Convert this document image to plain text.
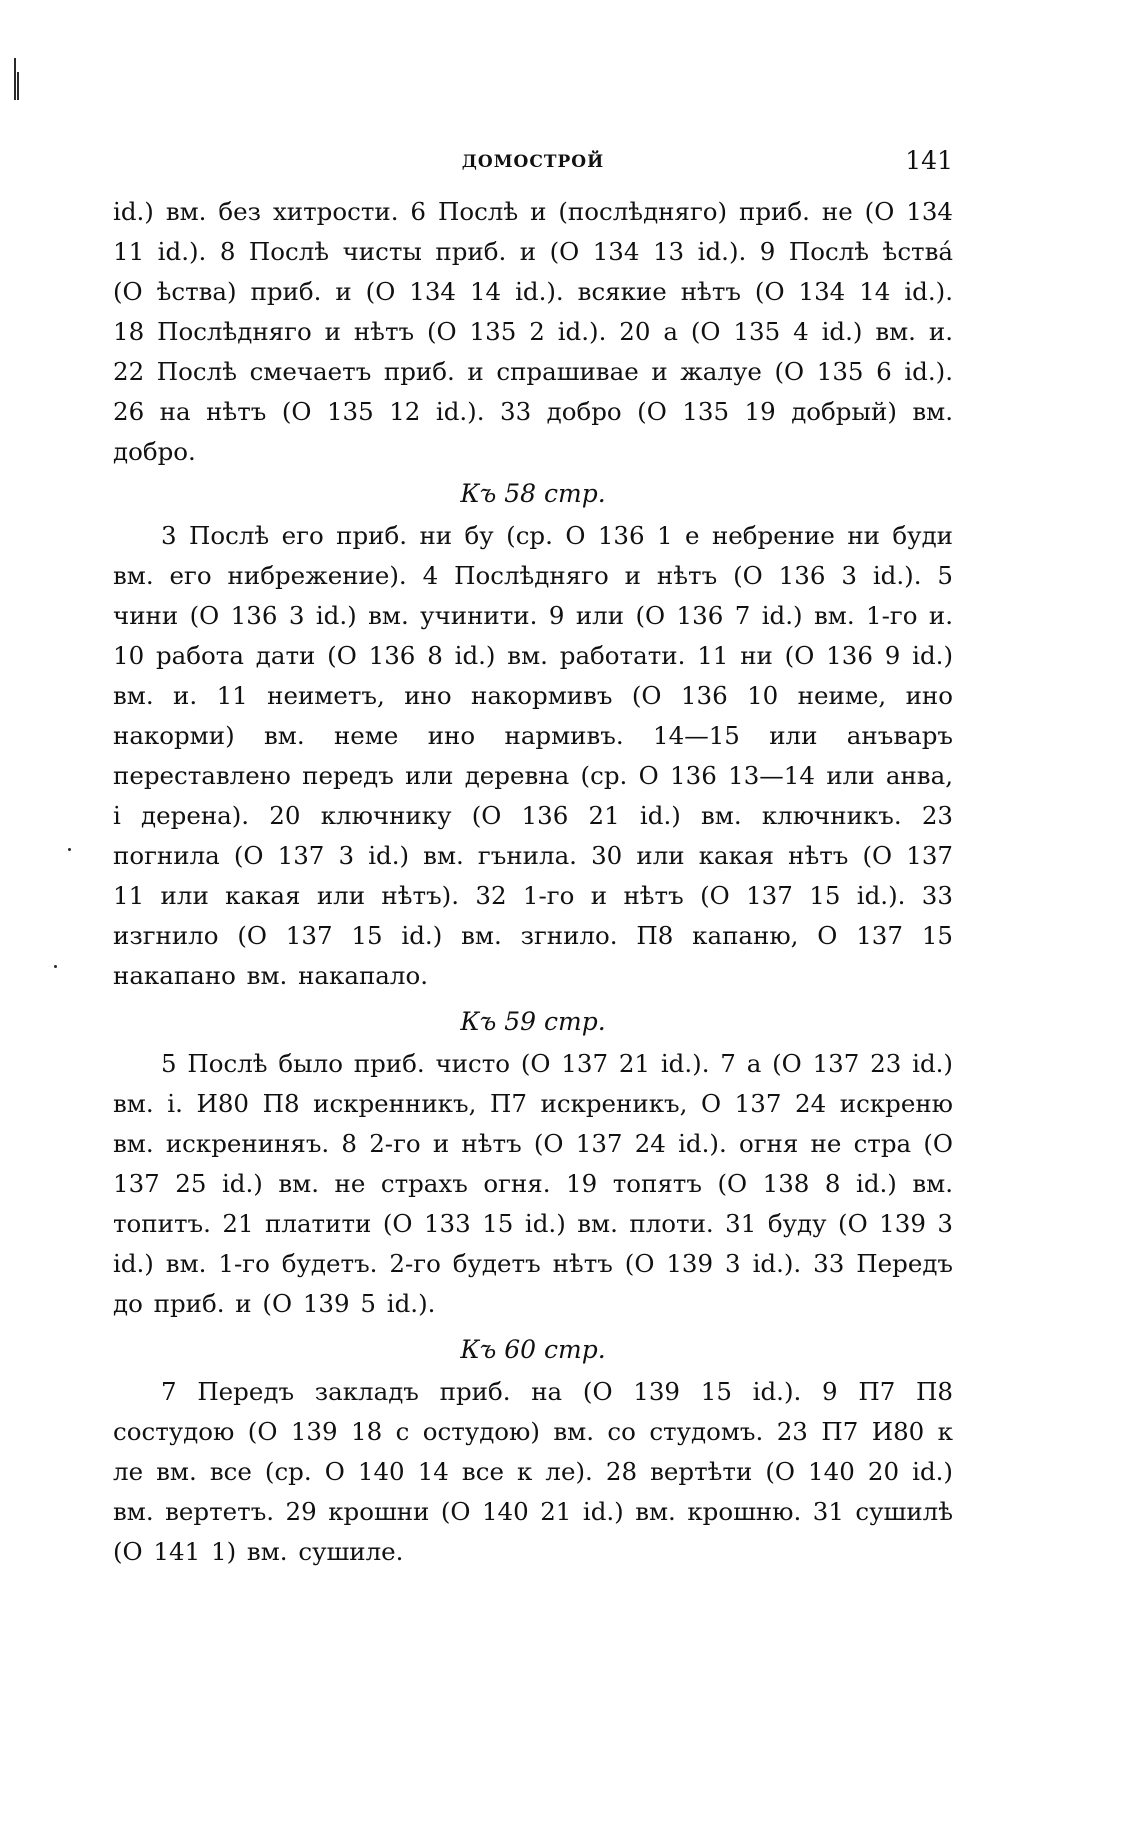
ДОМОСТРОЙ	141

id.) вм. без хитрости. 6 Послѣ и (послѣдняго) приб. не (О 134 11 id.). 8 Послѣ чисты приб. и (О 134 13 id.). 9 Послѣ ѣствá (О ѣства) приб. и (О 134 14 id.). всякие нѣтъ (О 134 14 id.). 18 Послѣдняго и нѣтъ (О 135 2 id.). 20 а (О 135 4 id.) вм. и. 22 Послѣ смечаетъ приб. и спрашивае и жалуе (О 135 6 id.). 26 на нѣтъ (О 135 12 id.). 33 добро (О 135 19 добрый) вм. добро.

Къ 58 стр.

3 Послѣ его приб. ни бу (ср. О 136 1 е небрение ни буди вм. его нибрежение). 4 Послѣдняго и нѣтъ (О 136 3 id.). 5 чини (О 136 3 id.) вм. учинити. 9 или (О 136 7 id.) вм. 1-го и. 10 работа дати (О 136 8 id.) вм. работати. 11 ни (О 136 9 id.) вм. и. 11 неиметъ, ино накормивъ (О 136 10 неиме, ино накорми) вм. неме ино нармивъ. 14—15 или анъваръ переставлено передъ или деревна (ср. О 136 13—14 или анва, і дерена). 20 ключнику (О 136 21 id.) вм. ключникъ. 23 погнила (О 137 3 id.) вм. гънила. 30 или какая нѣтъ (О 137 11 или какая или нѣтъ). 32 1-го и нѣтъ (О 137 15 id.). 33 изгнило (О 137 15 id.) вм. згнило. П8 капаню, О 137 15 накапано вм. накапало.

Къ 59 стр.

5 Послѣ было приб. чисто (О 137 21 id.). 7 а (О 137 23 id.) вм. і. И80 П8 искренникъ, П7 искреникъ, О 137 24 искреню вм. искрениняъ. 8 2-го и нѣтъ (О 137 24 id.). огня не стра (О 137 25 id.) вм. не страхъ огня. 19 топятъ (О 138 8 id.) вм. топитъ. 21 платити (О 133 15 id.) вм. плоти. 31 буду (О 139 3 id.) вм. 1-го будетъ. 2-го будетъ нѣтъ (О 139 3 id.). 33 Передъ до приб. и (О 139 5 id.).

Къ 60 стр.

7 Передъ закладъ приб. на (О 139 15 id.). 9 П7 П8 состудою (О 139 18 с остудою) вм. со студомъ. 23 П7 И80 к ле вм. все (ср. О 140 14 все к ле). 28 вертѣти (О 140 20 id.) вм. вертетъ. 29 крошни (О 140 21 id.) вм. крошню. 31 сушилѣ (О 141 1) вм. сушиле.
